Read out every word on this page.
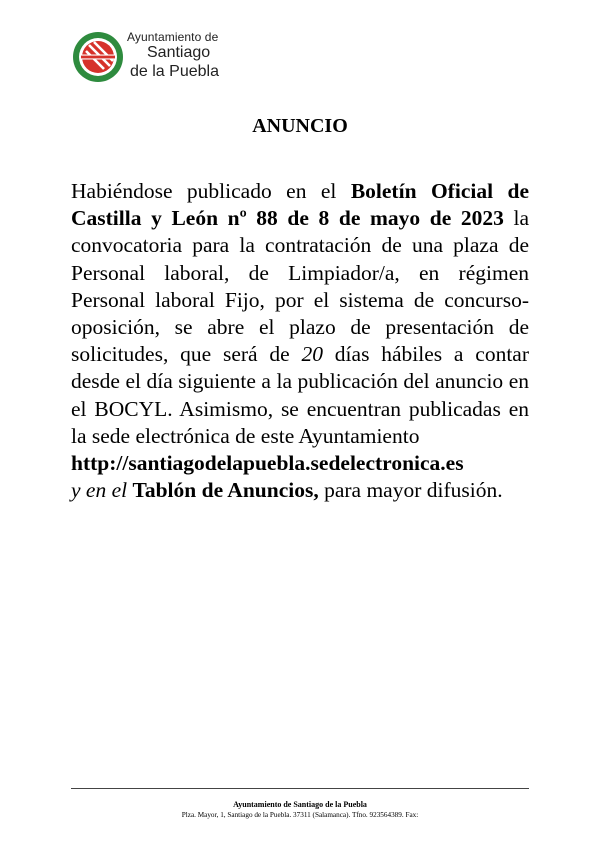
Ayuntamiento de
Santiago
de la Puebla
ANUNCIO
Habiéndose publicado en el Boletín Oficial de Castilla y León nº 88 de 8 de mayo de 2023 la convocatoria para la contratación de una plaza de Personal laboral, de Limpiador/a, en régimen Personal laboral Fijo, por el sistema de concurso-oposición, se abre el plazo de presentación de solicitudes, que será de 20 días hábiles a contar desde el día siguiente a la publicación del anuncio en el BOCYL. Asimismo, se encuentran publicadas en la sede electrónica de este Ayuntamiento
http://santiagodelapuebla.sedelectronica.es
y en el Tablón de Anuncios, para mayor difusión.
Ayuntamiento de Santiago de la Puebla
Plza. Mayor, 1, Santiago de la Puebla. 37311 (Salamanca). Tfno. 923564389. Fax:
